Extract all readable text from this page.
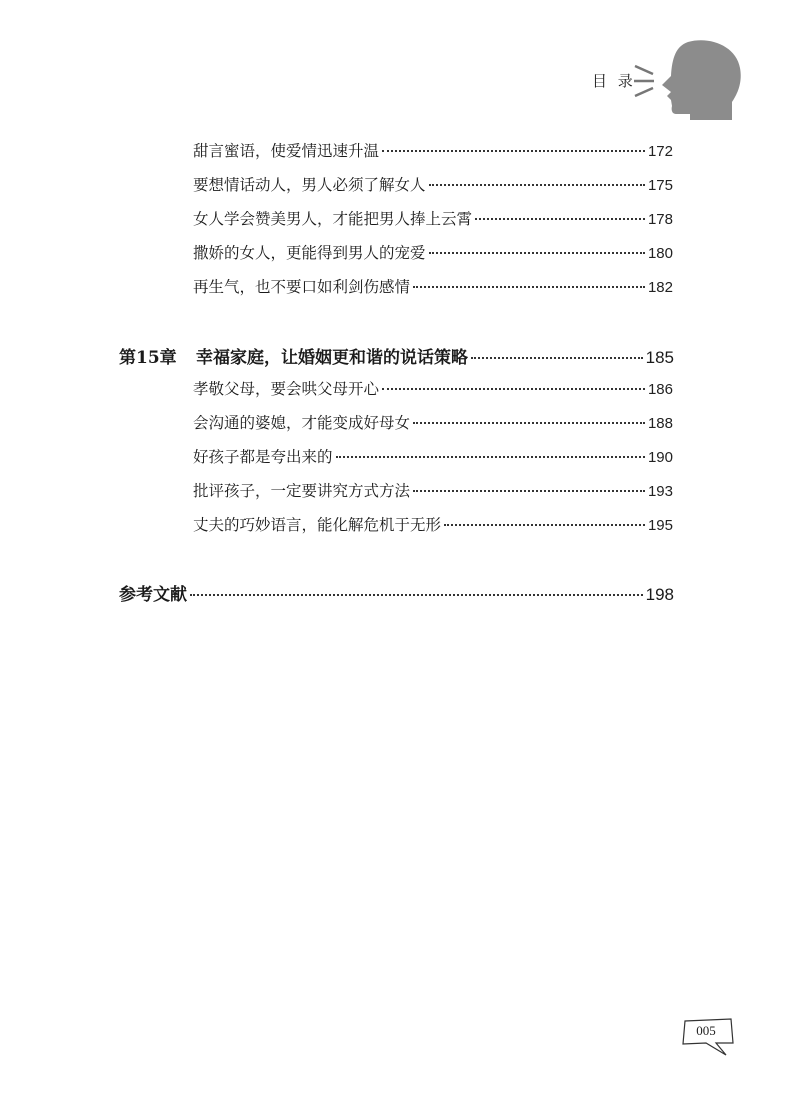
目 录
甜言蜜语，使爱情迅速升温	172
要想情话动人，男人必须了解女人	175
女人学会赞美男人，才能把男人捧上云霄	178
撒娇的女人，更能得到男人的宠爱	180
再生气，也不要口如利剑伤感情	182
第15章 幸福家庭，让婚姻更和谐的说话策略	185
孝敬父母，要会哄父母开心	186
会沟通的婆媳，才能变成好母女	188
好孩子都是夸出来的	190
批评孩子，一定要讲究方式方法	193
丈夫的巧妙语言，能化解危机于无形	195
参考文献	198
005
